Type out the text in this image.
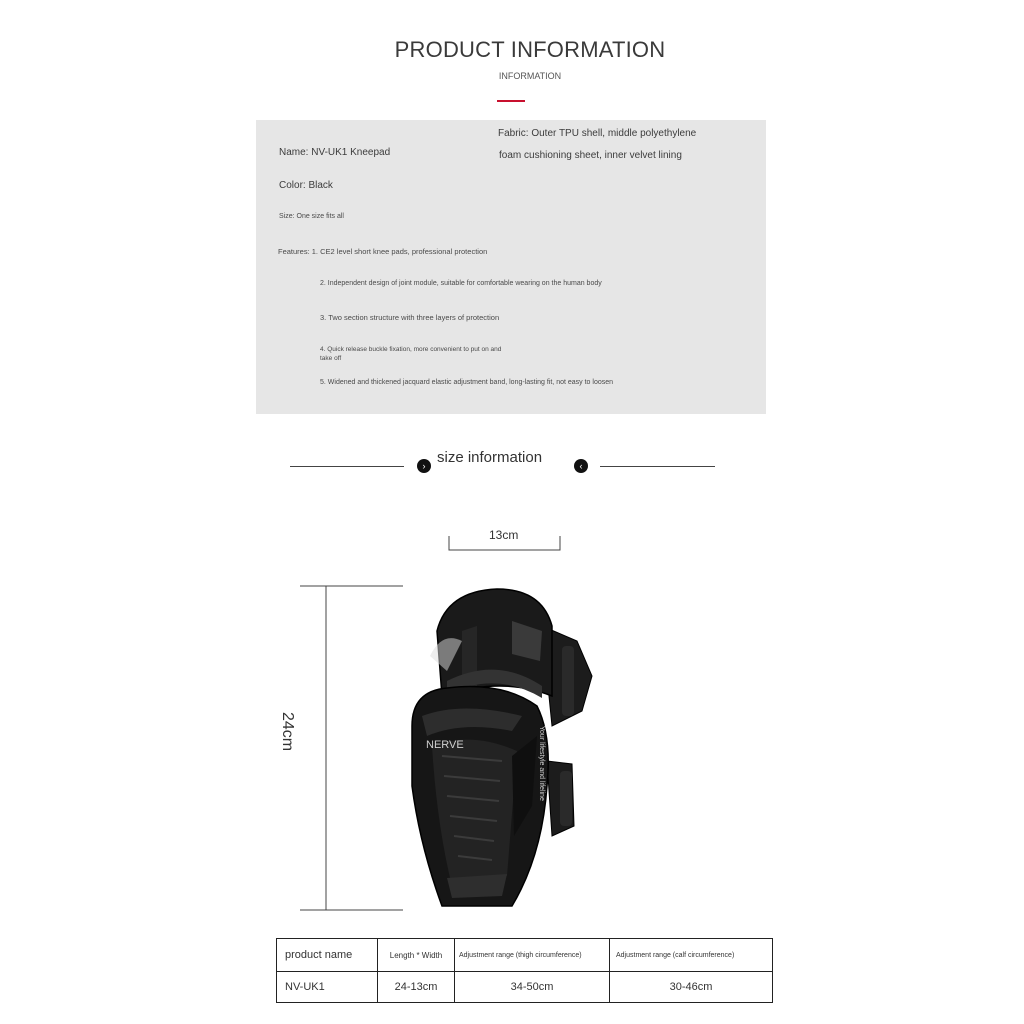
PRODUCT INFORMATION
INFORMATION
Fabric: Outer TPU shell, middle polyethylene
foam cushioning sheet, inner velvet lining
Name: NV-UK1 Kneepad
Color: Black
Size: One size fits all
Features: 1. CE2 level short knee pads, professional protection
2. Independent design of joint module, suitable for comfortable wearing on the human body
3. Two section structure with three layers of protection
4. Quick release buckle fixation, more convenient to put on and
take off
5. Widened and thickened jacquard elastic adjustment band, long-lasting fit, not easy to loosen
› size information	‹
13cm
24cm	NERVE	Your lifestyle and lifeline
product name	Length * Width	Adjustment range (thigh circumference)	Adjustment range (calf circumference)
NV-UK1	24-13cm	34-50cm	30-46cm
